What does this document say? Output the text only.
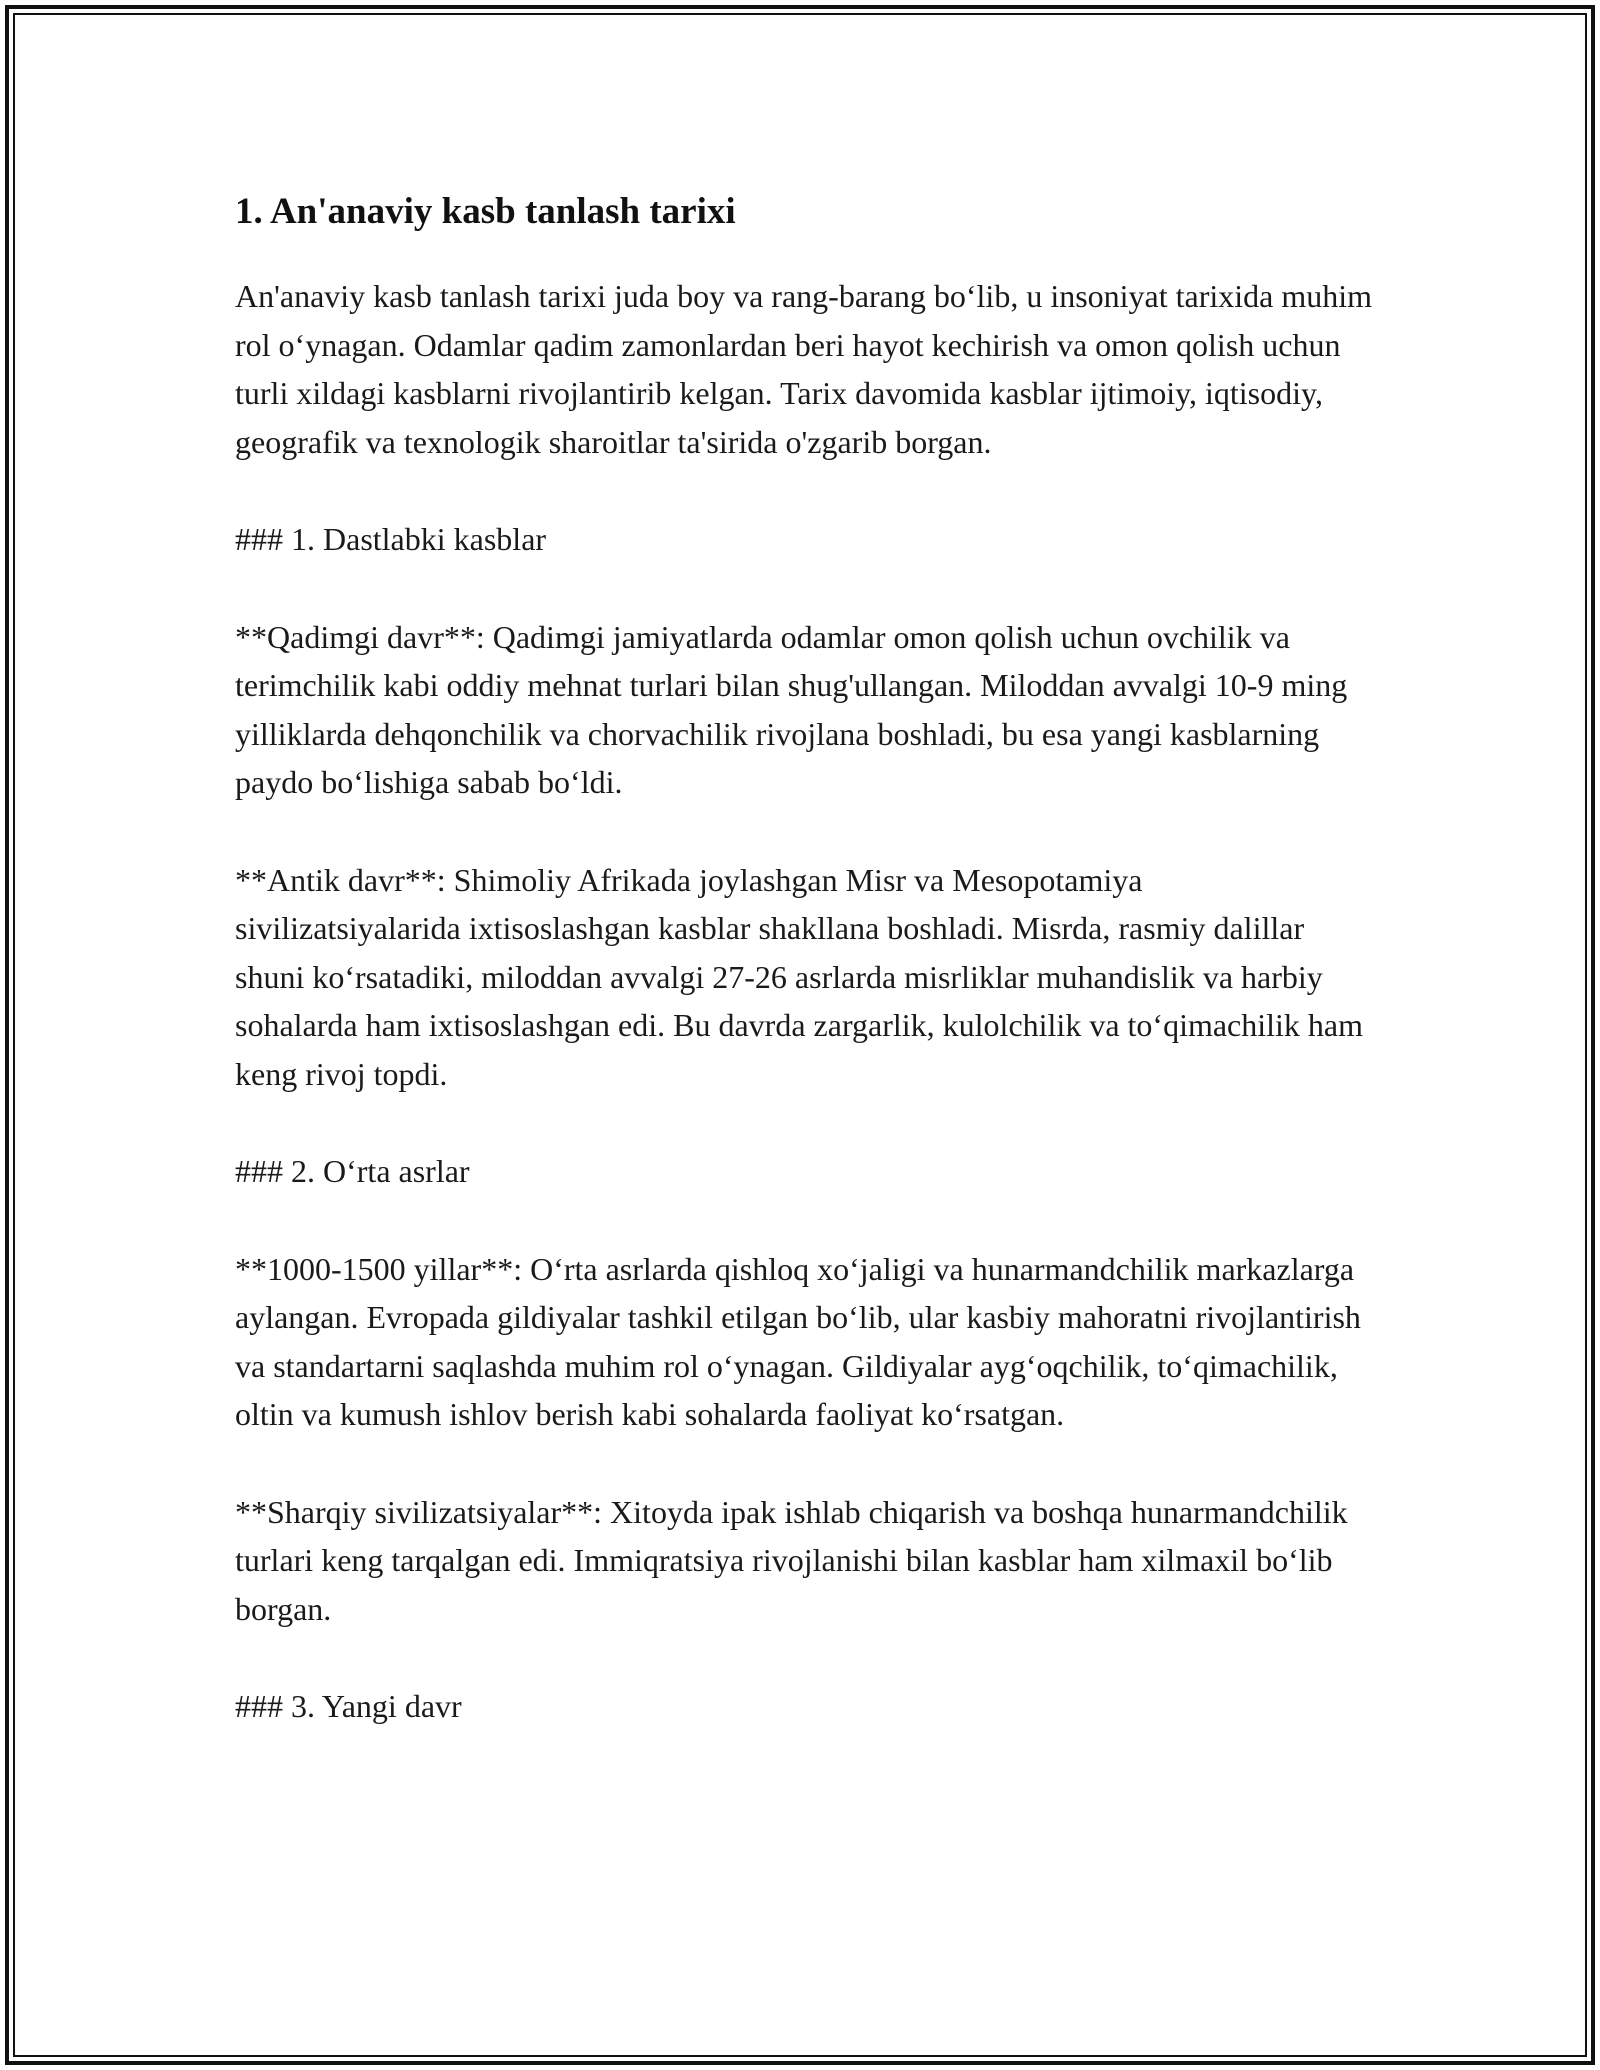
1. An'anaviy kasb tanlash tarixi

An'anaviy kasb tanlash tarixi juda boy va rang-barang bo‘lib, u insoniyat tarixida muhim rol o‘ynagan. Odamlar qadim zamonlardan beri hayot kechirish va omon qolish uchun turli xildagi kasblarni rivojlantirib kelgan. Tarix davomida kasblar ijtimoiy, iqtisodiy, geografik va texnologik sharoitlar ta'sirida o'zgarib borgan.

### 1. Dastlabki kasblar

**Qadimgi davr**: Qadimgi jamiyatlarda odamlar omon qolish uchun ovchilik va terimchilik kabi oddiy mehnat turlari bilan shug'ullangan. Miloddan avvalgi 10-9 ming yilliklarda dehqonchilik va chorvachilik rivojlana boshladi, bu esa yangi kasblarning paydo bo‘lishiga sabab bo‘ldi.

**Antik davr**: Shimoliy Afrikada joylashgan Misr va Mesopotamiya sivilizatsiyalarida ixtisoslashgan kasblar shakllana boshladi. Misrda, rasmiy dalillar shuni ko‘rsatadiki, miloddan avvalgi 27-26 asrlarda misrliklar muhandislik va harbiy sohalarda ham ixtisoslashgan edi. Bu davrda zargarlik, kulolchilik va to‘qimachilik ham keng rivoj topdi.

### 2. O‘rta asrlar

**1000-1500 yillar**: O‘rta asrlarda qishloq xo‘jaligi va hunarmandchilik markazlarga aylangan. Evropada gildiyalar tashkil etilgan bo‘lib, ular kasbiy mahoratni rivojlantirish va standartarni saqlashda muhim rol o‘ynagan. Gildiyalar ayg‘oqchilik, to‘qimachilik, oltin va kumush ishlov berish kabi sohalarda faoliyat ko‘rsatgan.

**Sharqiy sivilizatsiyalar**: Xitoyda ipak ishlab chiqarish va boshqa hunarmandchilik turlari keng tarqalgan edi. Immiqratsiya rivojlanishi bilan kasblar ham xilmaxil bo‘lib borgan.

### 3. Yangi davr
